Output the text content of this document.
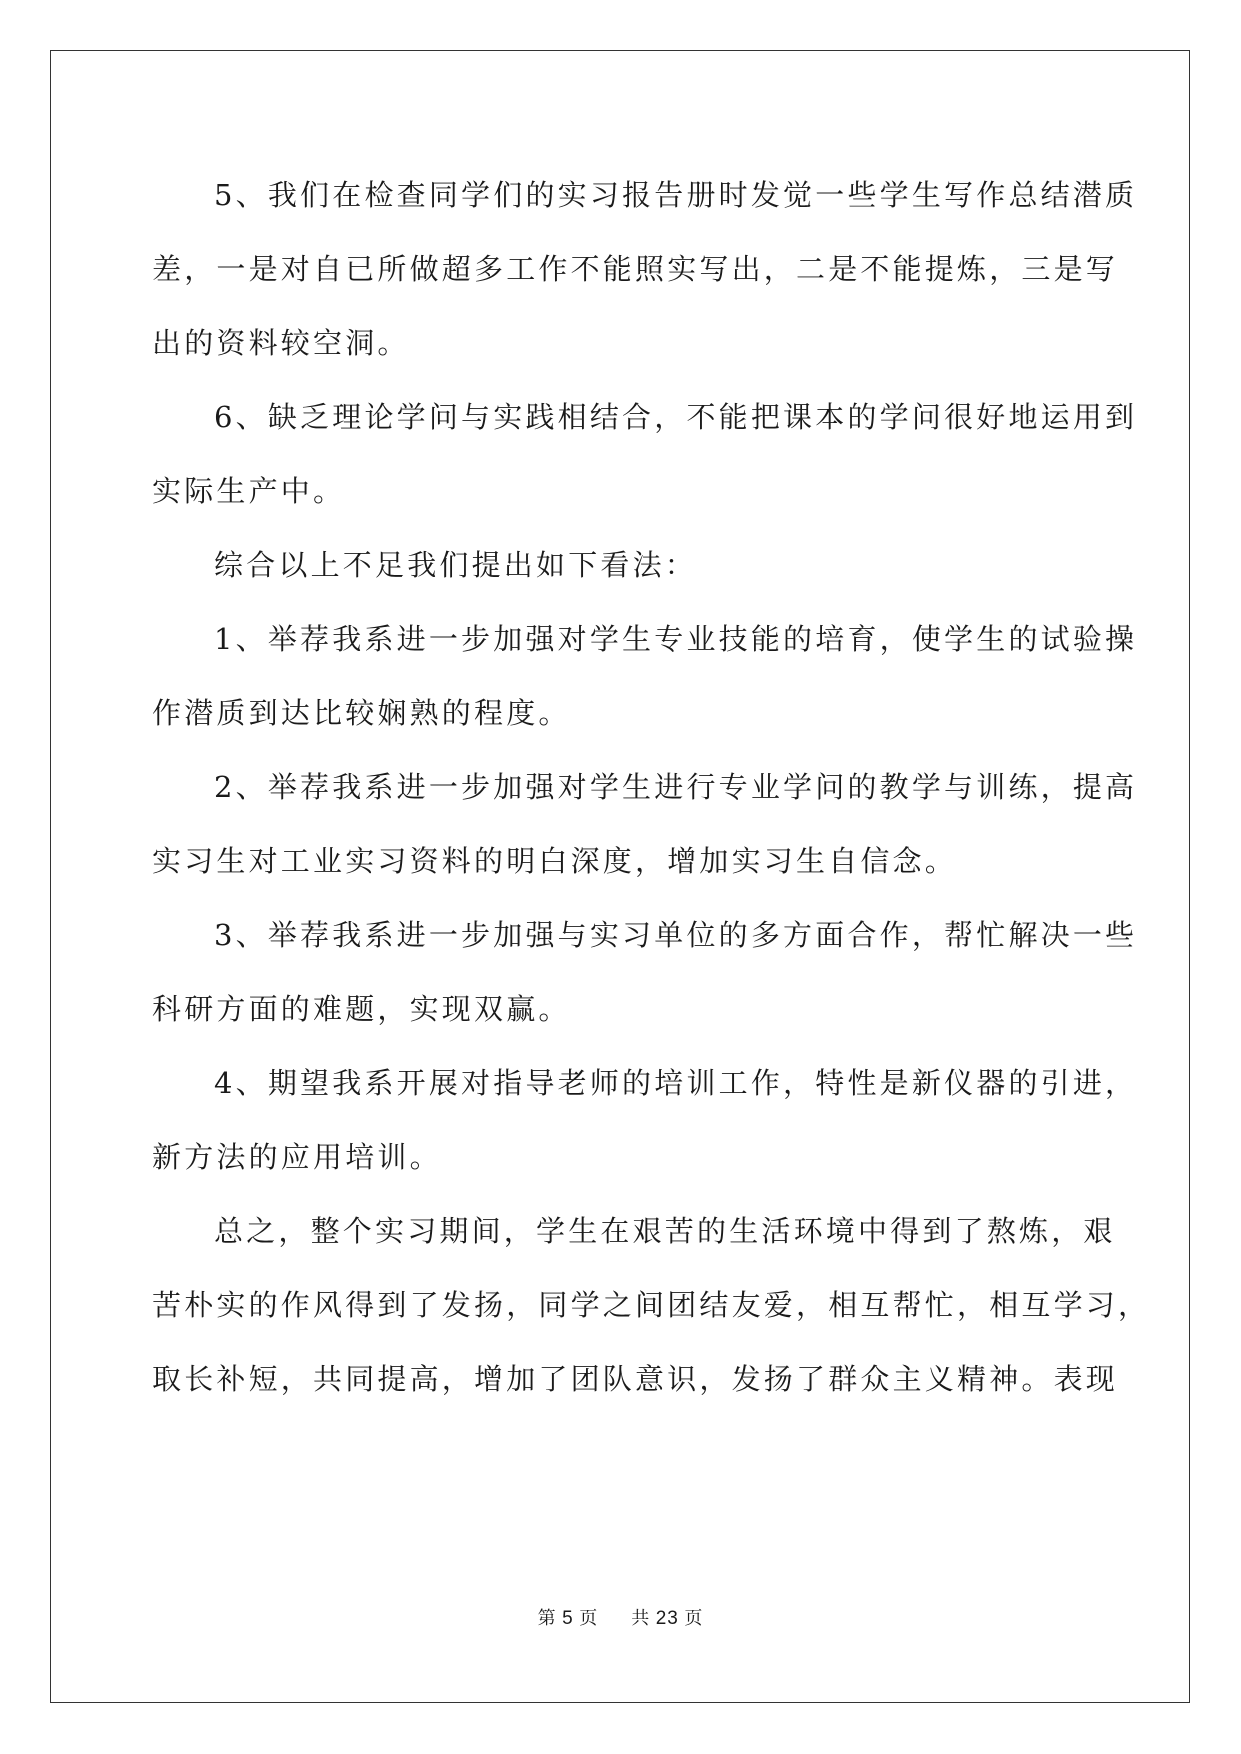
5、我们在检查同学们的实习报告册时发觉一些学生写作总结潜质
差，一是对自已所做超多工作不能照实写出，二是不能提炼，三是写
出的资料较空洞。

6、缺乏理论学问与实践相结合，不能把课本的学问很好地运用到
实际生产中。

综合以上不足我们提出如下看法：

1、举荐我系进一步加强对学生专业技能的培育，使学生的试验操
作潜质到达比较娴熟的程度。

2、举荐我系进一步加强对学生进行专业学问的教学与训练，提高
实习生对工业实习资料的明白深度，增加实习生自信念。

3、举荐我系进一步加强与实习单位的多方面合作，帮忙解决一些
科研方面的难题，实现双赢。

4、期望我系开展对指导老师的培训工作，特性是新仪器的引进，
新方法的应用培训。

总之，整个实习期间，学生在艰苦的生活环境中得到了熬炼，艰
苦朴实的作风得到了发扬，同学之间团结友爱，相互帮忙，相互学习，
取长补短，共同提高，增加了团队意识，发扬了群众主义精神。表现

第 5 页 共 23 页
